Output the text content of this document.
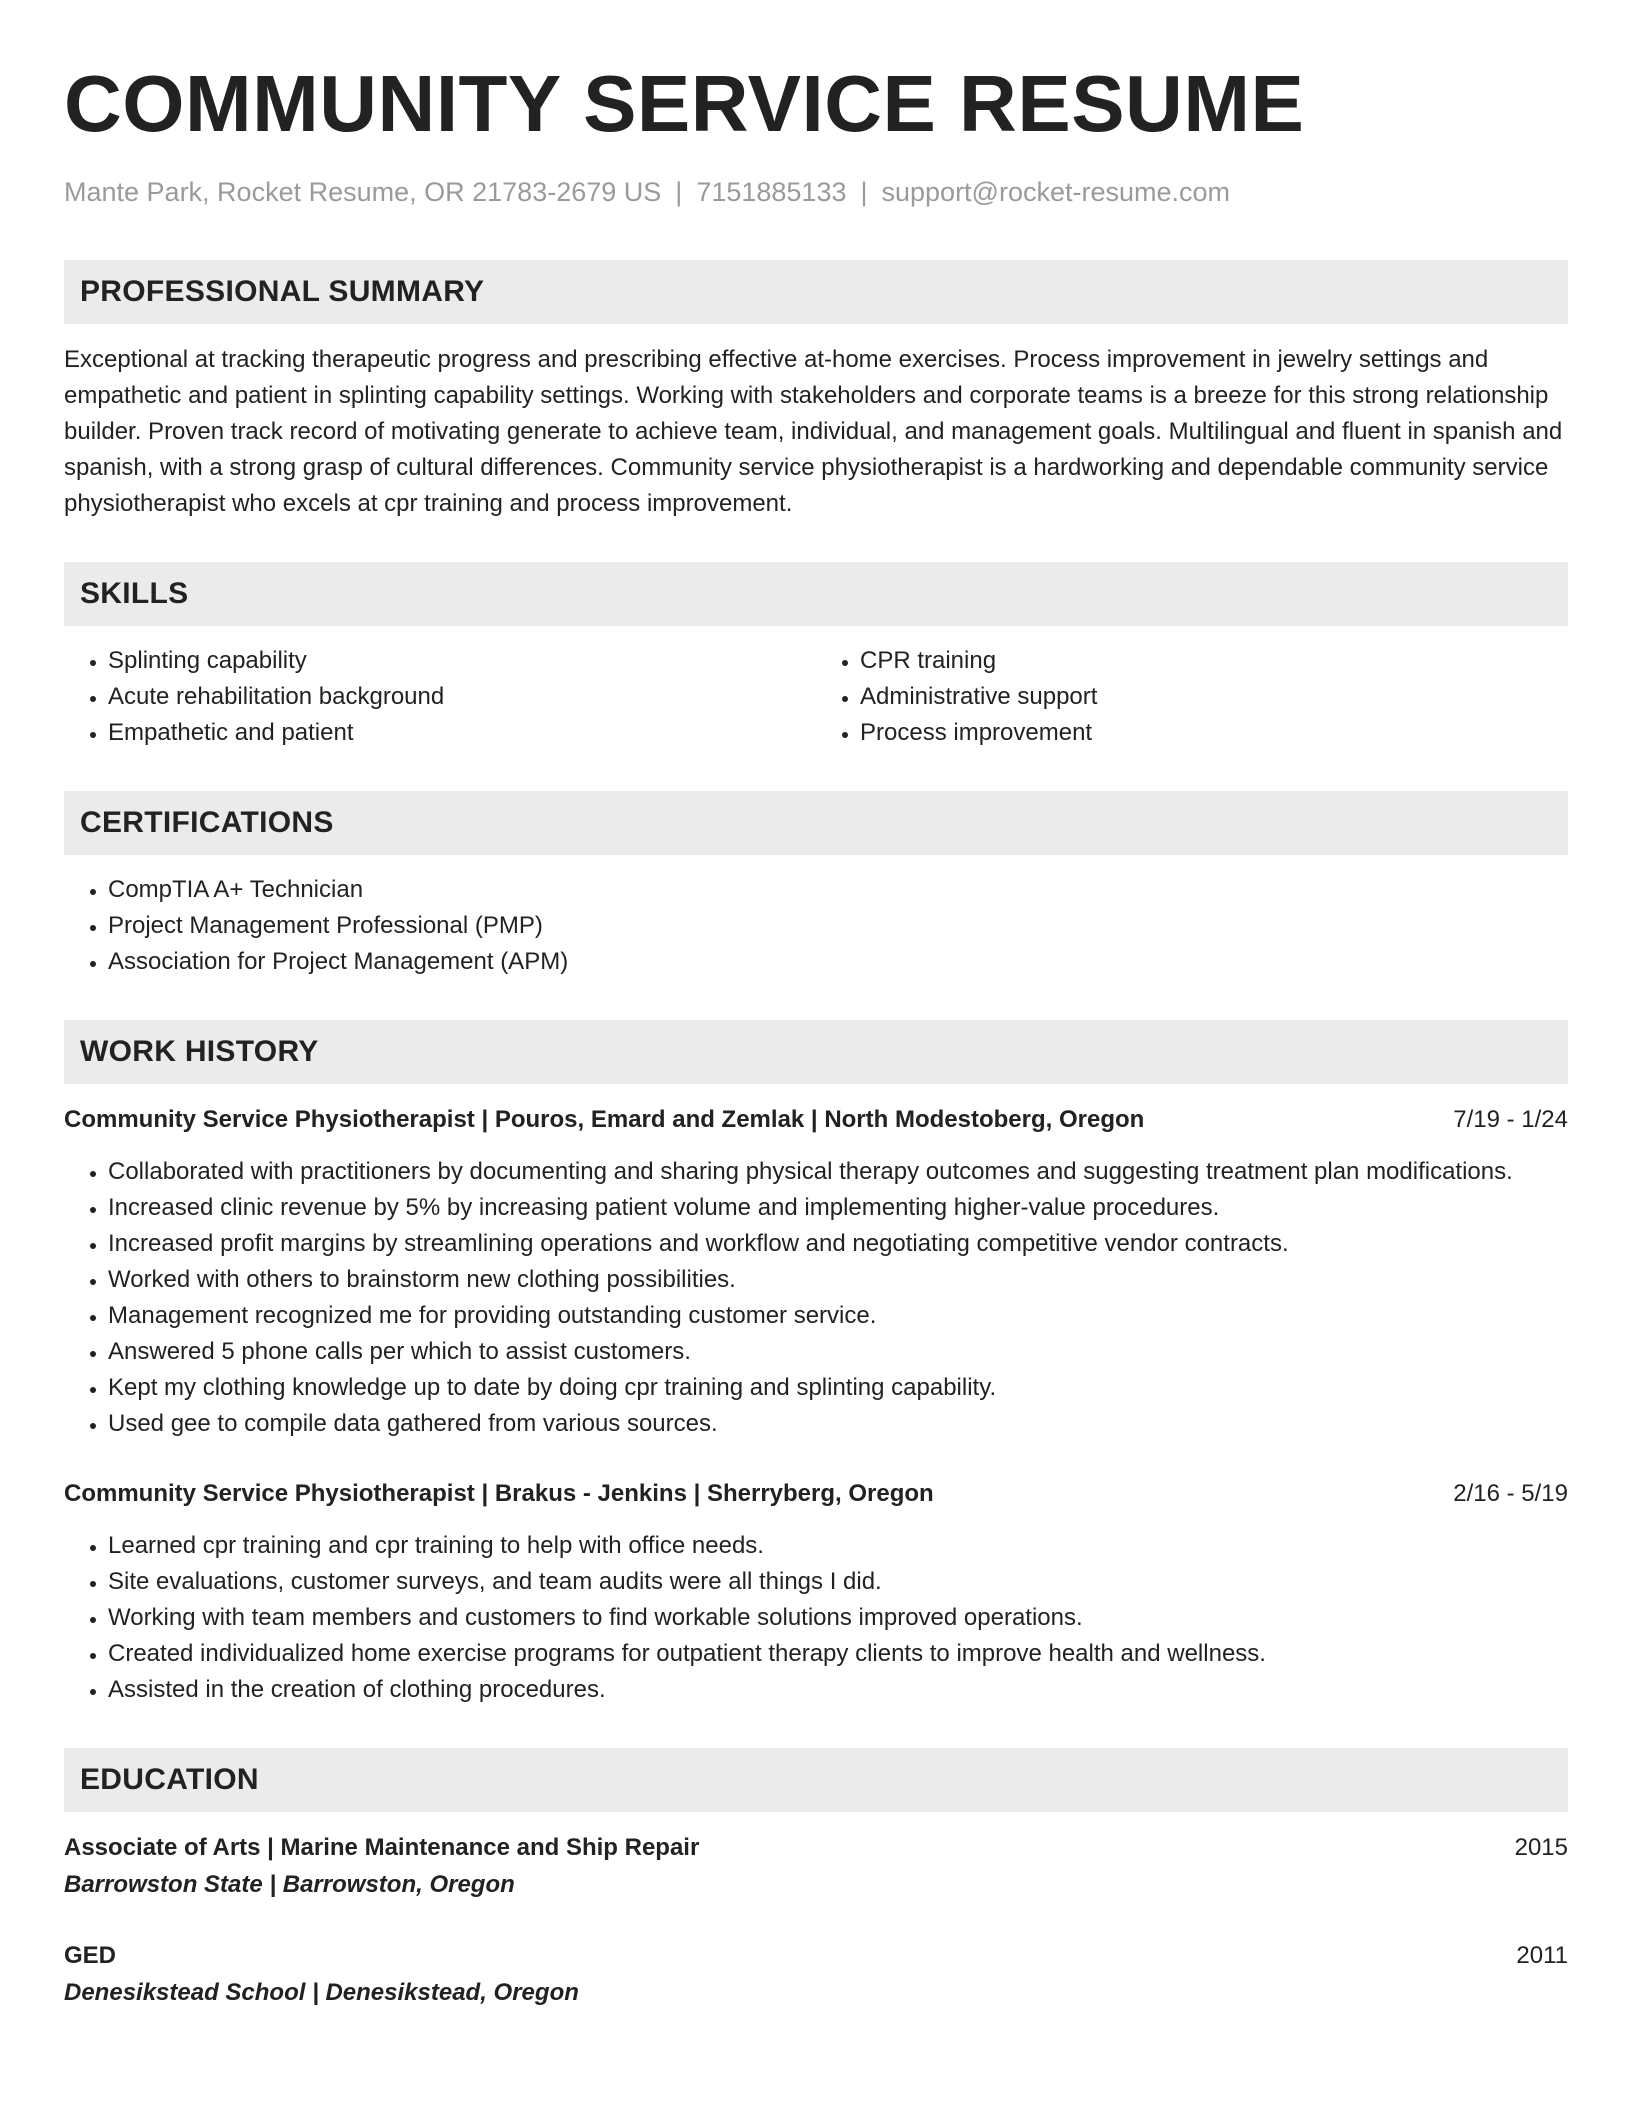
COMMUNITY SERVICE RESUME
Mante Park, Rocket Resume, OR 21783-2679 US | 7151885133 | support@rocket-resume.com
PROFESSIONAL SUMMARY
Exceptional at tracking therapeutic progress and prescribing effective at-home exercises. Process improvement in jewelry settings and empathetic and patient in splinting capability settings. Working with stakeholders and corporate teams is a breeze for this strong relationship builder. Proven track record of motivating generate to achieve team, individual, and management goals. Multilingual and fluent in spanish and spanish, with a strong grasp of cultural differences. Community service physiotherapist is a hardworking and dependable community service physiotherapist who excels at cpr training and process improvement.
SKILLS
• Splinting capability
• Acute rehabilitation background
• Empathetic and patient
• CPR training
• Administrative support
• Process improvement
CERTIFICATIONS
• CompTIA A+ Technician
• Project Management Professional (PMP)
• Association for Project Management (APM)
WORK HISTORY
Community Service Physiotherapist | Pouros, Emard and Zemlak | North Modestoberg, Oregon	7/19 - 1/24
• Collaborated with practitioners by documenting and sharing physical therapy outcomes and suggesting treatment plan modifications.
• Increased clinic revenue by 5% by increasing patient volume and implementing higher-value procedures.
• Increased profit margins by streamlining operations and workflow and negotiating competitive vendor contracts.
• Worked with others to brainstorm new clothing possibilities.
• Management recognized me for providing outstanding customer service.
• Answered 5 phone calls per which to assist customers.
• Kept my clothing knowledge up to date by doing cpr training and splinting capability.
• Used gee to compile data gathered from various sources.
Community Service Physiotherapist | Brakus - Jenkins | Sherryberg, Oregon	2/16 - 5/19
• Learned cpr training and cpr training to help with office needs.
• Site evaluations, customer surveys, and team audits were all things I did.
• Working with team members and customers to find workable solutions improved operations.
• Created individualized home exercise programs for outpatient therapy clients to improve health and wellness.
• Assisted in the creation of clothing procedures.
EDUCATION
Associate of Arts | Marine Maintenance and Ship Repair	2015
Barrowston State | Barrowston, Oregon
GED	2011
Denesikstead School | Denesikstead, Oregon
